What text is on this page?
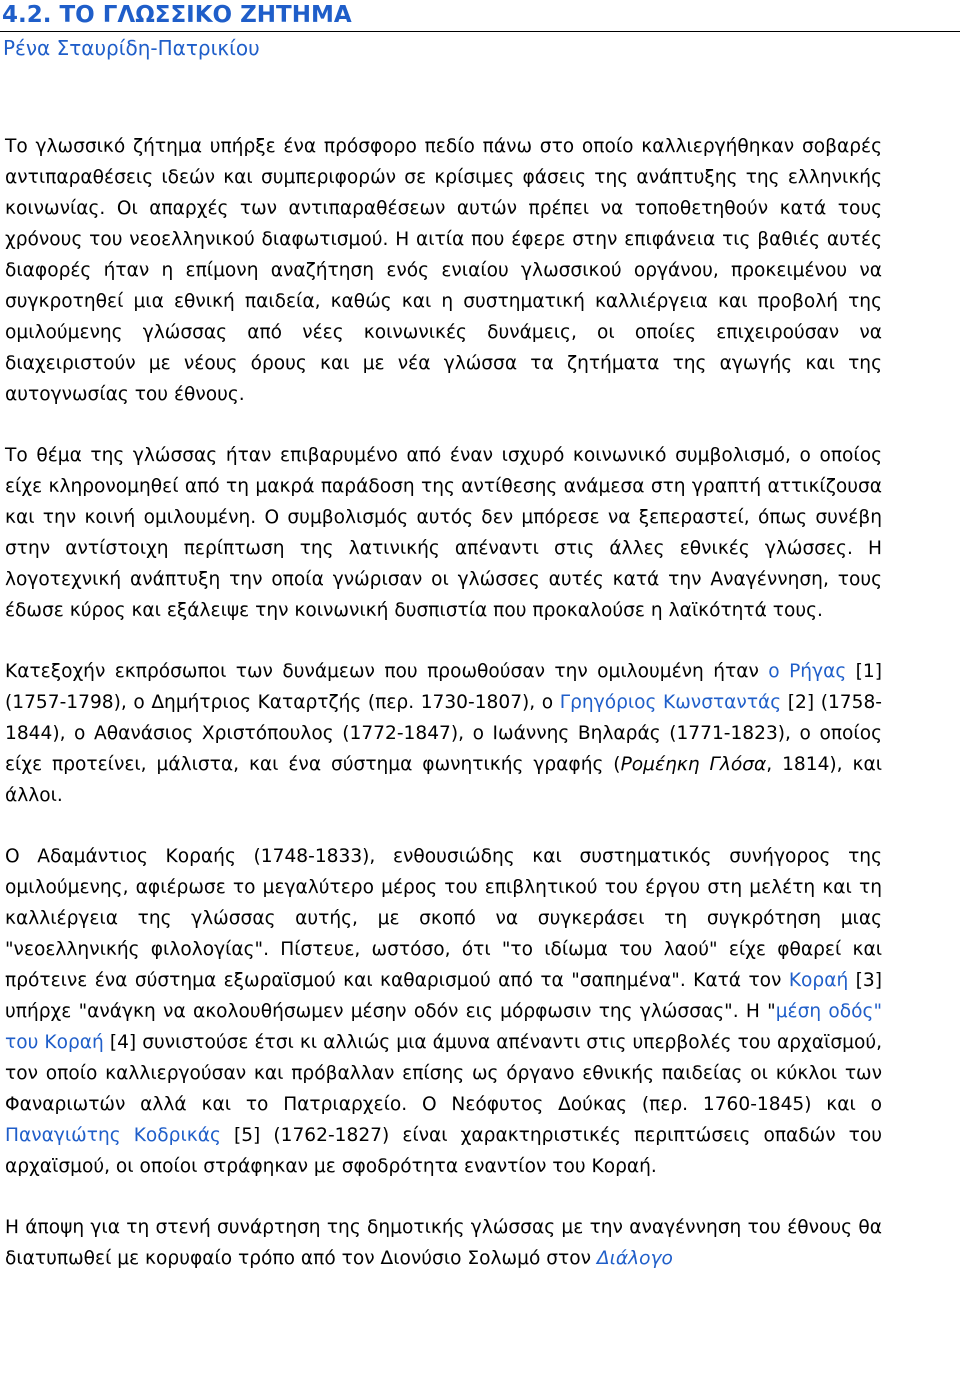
4.2. ΤΟ ΓΛΩΣΣΙΚΟ ΖΗΤΗΜΑ
Ρένα Σταυρίδη-Πατρικίου

Το γλωσσικό ζήτημα υπήρξε ένα πρόσφορο πεδίο πάνω στο οποίο καλλιεργήθηκαν σοβαρές αντιπαραθέσεις ιδεών και συμπεριφορών σε κρίσιμες φάσεις της ανάπτυξης της ελληνικής κοινωνίας. Οι απαρχές των αντιπαραθέσεων αυτών πρέπει να τοποθετηθούν κατά τους χρόνους του νεοελληνικού διαφωτισμού. Η αιτία που έφερε στην επιφάνεια τις βαθιές αυτές διαφορές ήταν η επίμονη αναζήτηση ενός ενιαίου γλωσσικού οργάνου, προκειμένου να συγκροτηθεί μια εθνική παιδεία, καθώς και η συστηματική καλλιέργεια και προβολή της ομιλούμενης γλώσσας από νέες κοινωνικές δυνάμεις, οι οποίες επιχειρούσαν να διαχειριστούν με νέους όρους και με νέα γλώσσα τα ζητήματα της αγωγής και της αυτογνωσίας του έθνους.

Το θέμα της γλώσσας ήταν επιβαρυμένο από έναν ισχυρό κοινωνικό συμβολισμό, ο οποίος είχε κληρονομηθεί από τη μακρά παράδοση της αντίθεσης ανάμεσα στη γραπτή αττικίζουσα και την κοινή ομιλουμένη. Ο συμβολισμός αυτός δεν μπόρεσε να ξεπεραστεί, όπως συνέβη στην αντίστοιχη περίπτωση της λατινικής απέναντι στις άλλες εθνικές γλώσσες. Η λογοτεχνική ανάπτυξη την οποία γνώρισαν οι γλώσσες αυτές κατά την Αναγέννηση, τους έδωσε κύρος και εξάλειψε την κοινωνική δυσπιστία που προκαλούσε η λαϊκότητά τους.

Κατεξοχήν εκπρόσωποι των δυνάμεων που προωθούσαν την ομιλουμένη ήταν ο Ρήγας [1] (1757-1798), ο Δημήτριος Καταρτζής (περ. 1730-1807), ο Γρηγόριος Κωνσταντάς [2] (1758-1844), ο Αθανάσιος Χριστόπουλος (1772-1847), ο Ιωάννης Βηλαράς (1771-1823), ο οποίος είχε προτείνει, μάλιστα, και ένα σύστημα φωνητικής γραφής (Ρομέηκη Γλόσα, 1814), και άλλοι.

Ο Αδαμάντιος Κοραής (1748-1833), ενθουσιώδης και συστηματικός συνήγορος της ομιλούμενης, αφιέρωσε το μεγαλύτερο μέρος του επιβλητικού του έργου στη μελέτη και τη καλλιέργεια της γλώσσας αυτής, με σκοπό να συγκεράσει τη συγκρότηση μιας "νεοελληνικής φιλολογίας". Πίστευε, ωστόσο, ότι "το ιδίωμα του λαού" είχε φθαρεί και πρότεινε ένα σύστημα εξωραϊσμού και καθαρισμού από τα "σαπημένα". Κατά τον Κοραή [3] υπήρχε "ανάγκη να ακολουθήσωμεν μέσην οδόν εις μόρφωσιν της γλώσσας". Η "μέση οδός" του Κοραή [4] συνιστούσε έτσι κι αλλιώς μια άμυνα απέναντι στις υπερβολές του αρχαϊσμού, τον οποίο καλλιεργούσαν και πρόβαλλαν επίσης ως όργανο εθνικής παιδείας οι κύκλοι των Φαναριωτών αλλά και το Πατριαρχείο. Ο Νεόφυτος Δούκας (περ. 1760-1845) και ο Παναγιώτης Κοδρικάς [5] (1762-1827) είναι χαρακτηριστικές περιπτώσεις οπαδών του αρχαϊσμού, οι οποίοι στράφηκαν με σφοδρότητα εναντίον του Κοραή.

Η άποψη για τη στενή συνάρτηση της δημοτικής γλώσσας με την αναγέννηση του έθνους θα διατυπωθεί με κορυφαίο τρόπο από τον Διονύσιο Σολωμό στον Διάλογο
